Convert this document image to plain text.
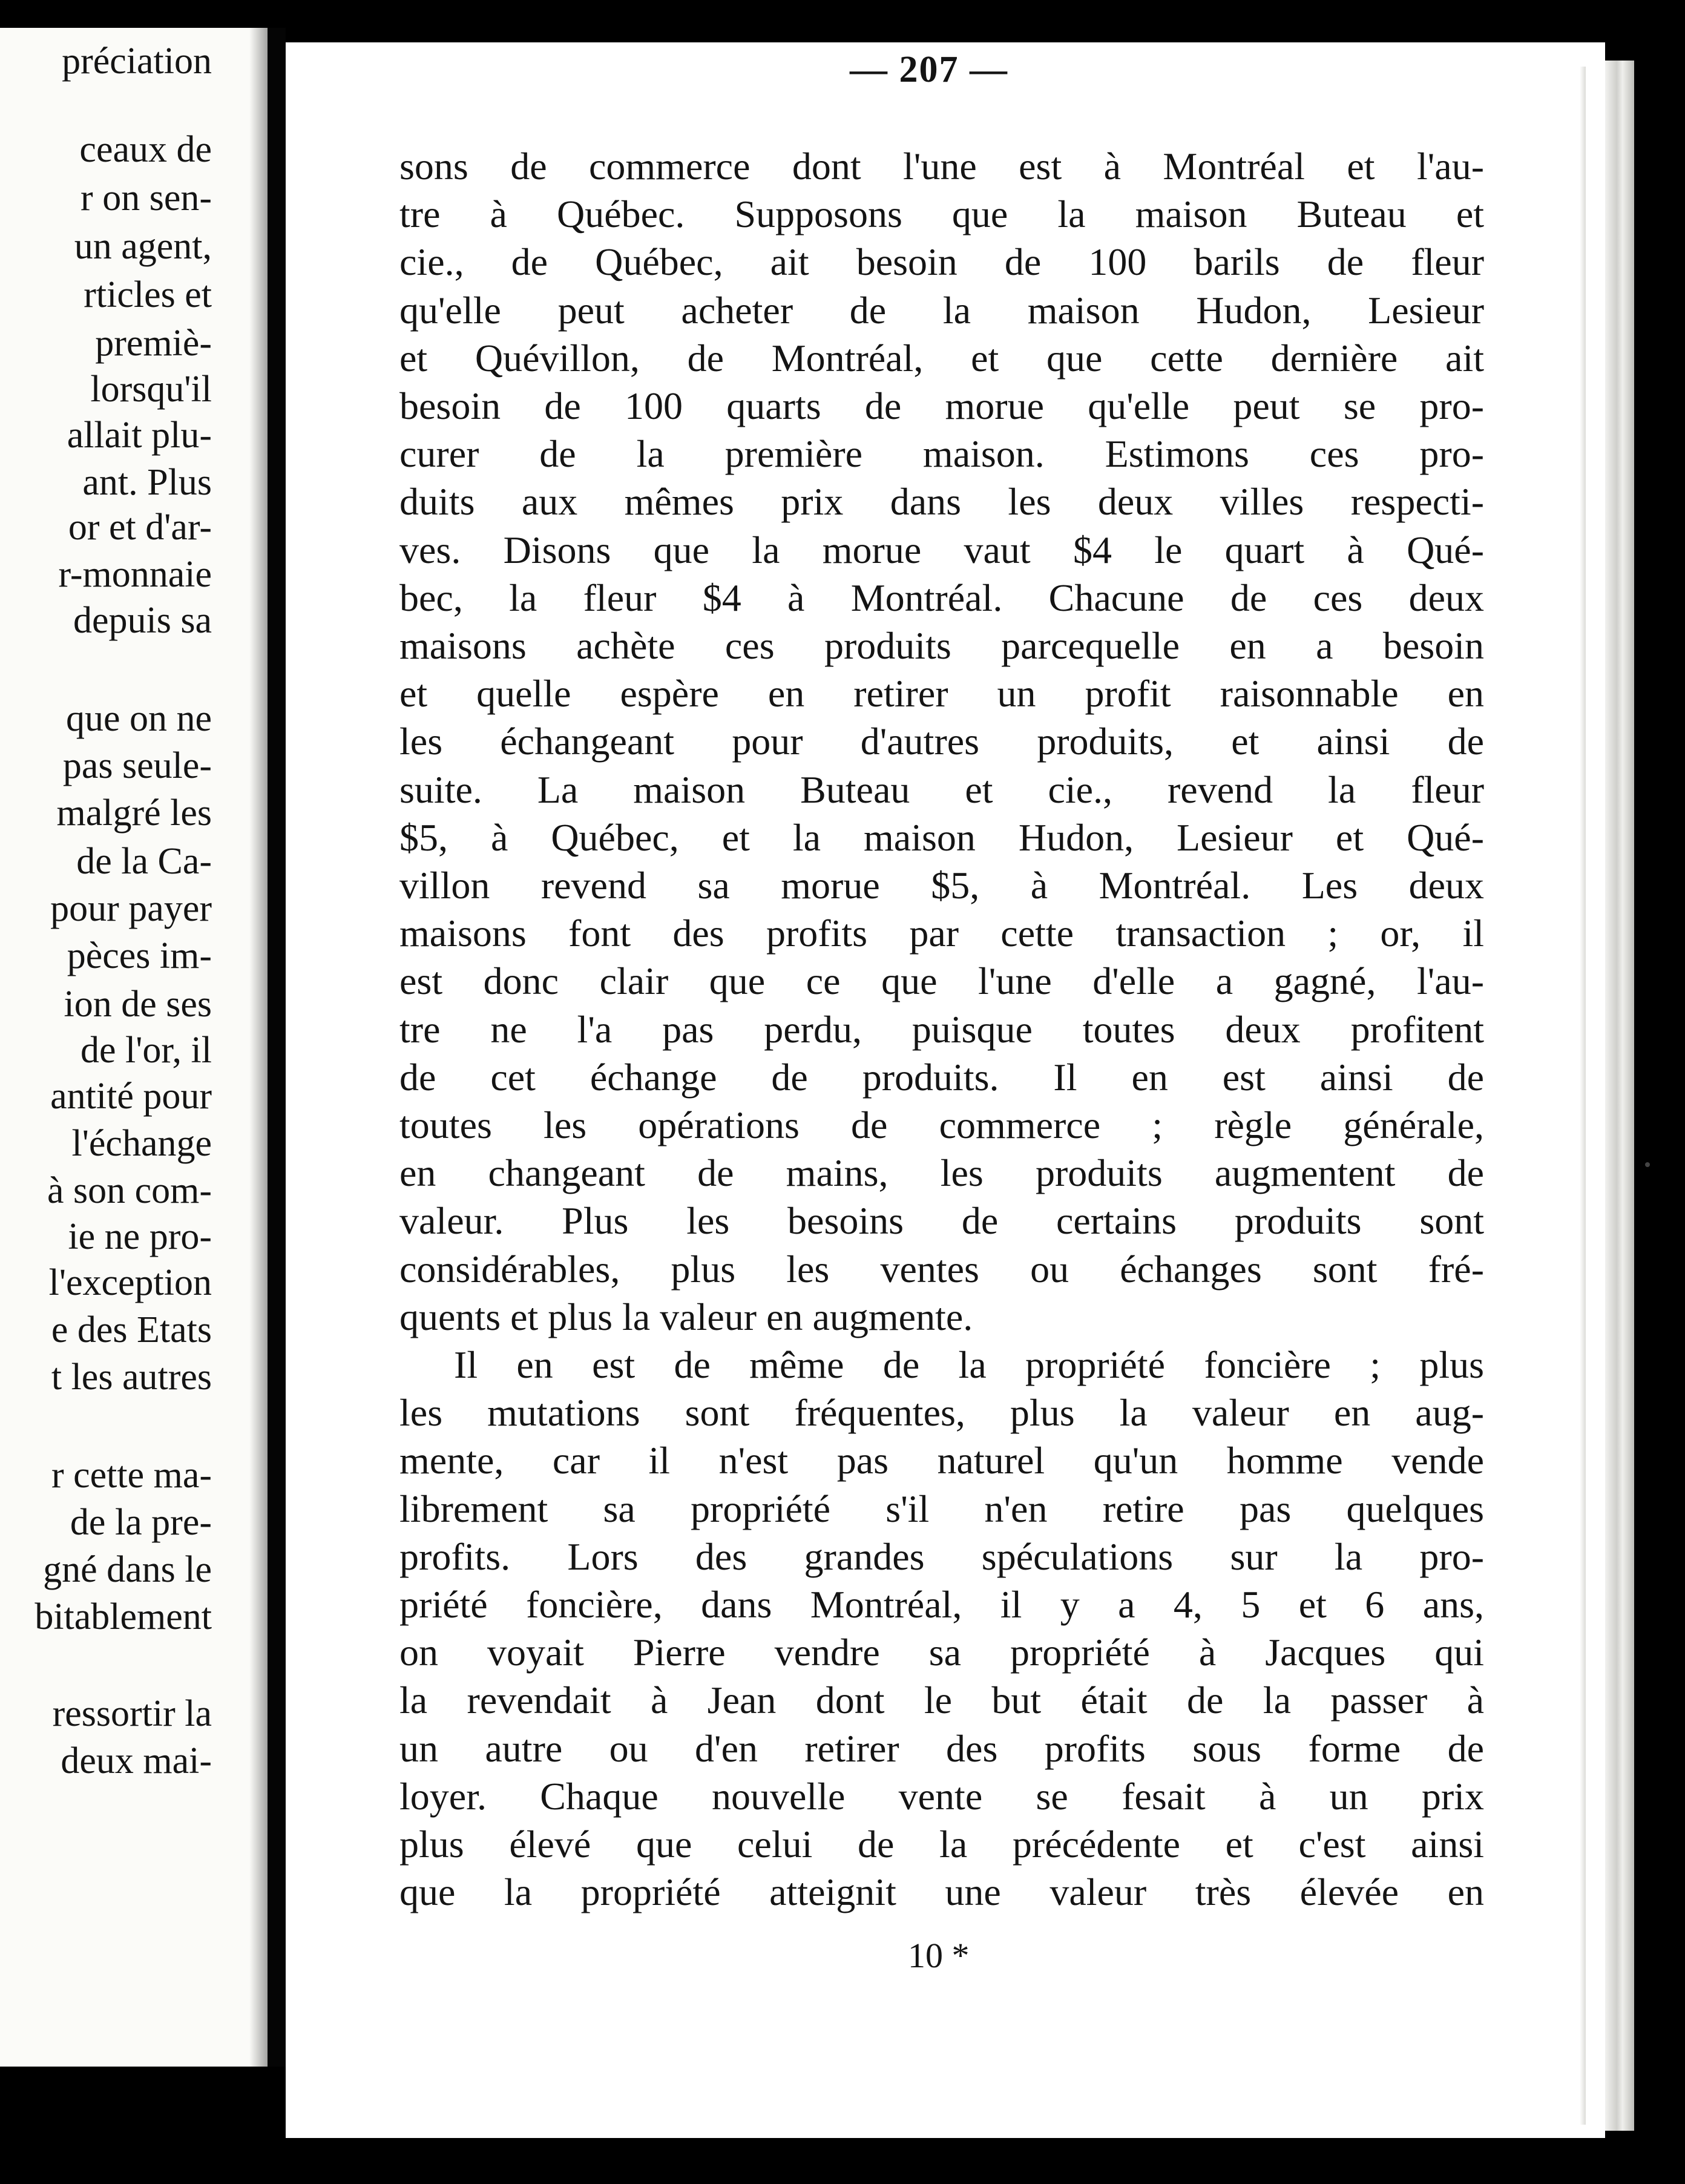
préciation
ceaux de
r on sen-
un agent,
rticles et
premiè-
lorsqu'il
allait plu-
ant. Plus
or et d'ar-
r-monnaie
depuis sa
que on ne
pas seule-
malgré les
de la Ca-
pour payer
pèces im-
ion de ses
de l'or, il
antité pour
l'échange
à son com-
ie ne pro-
l'exception
e des Etats
t les autres
r cette ma-
de la pre-
gné dans le
bitablement
ressortir la
deux mai-
— 207 —
sons de commerce dont l'une est à Montréal et l'au-
tre à Québec. Supposons que la maison Buteau et
cie., de Québec, ait besoin de 100 barils de fleur
qu'elle peut acheter de la maison Hudon, Lesieur
et Quévillon, de Montréal, et que cette dernière ait
besoin de 100 quarts de morue qu'elle peut se pro-
curer de la première maison. Estimons ces pro-
duits aux mêmes prix dans les deux villes respecti-
ves. Disons que la morue vaut $4 le quart à Qué-
bec, la fleur $4 à Montréal. Chacune de ces deux
maisons achète ces produits parcequelle en a besoin
et quelle espère en retirer un profit raisonnable en
les échangeant pour d'autres produits, et ainsi de
suite. La maison Buteau et cie., revend la fleur
$5, à Québec, et la maison Hudon, Lesieur et Qué-
villon revend sa morue $5, à Montréal. Les deux
maisons font des profits par cette transaction ; or, il
est donc clair que ce que l'une d'elle a gagné, l'au-
tre ne l'a pas perdu, puisque toutes deux profitent
de cet échange de produits. Il en est ainsi de
toutes les opérations de commerce ; règle générale,
en changeant de mains, les produits augmentent de
valeur. Plus les besoins de certains produits sont
considérables, plus les ventes ou échanges sont fré-
quents et plus la valeur en augmente.
Il en est de même de la propriété foncière ; plus
les mutations sont fréquentes, plus la valeur en aug-
mente, car il n'est pas naturel qu'un homme vende
librement sa propriété s'il n'en retire pas quelques
profits. Lors des grandes spéculations sur la pro-
priété foncière, dans Montréal, il y a 4, 5 et 6 ans,
on voyait Pierre vendre sa propriété à Jacques qui
la revendait à Jean dont le but était de la passer à
un autre ou d'en retirer des profits sous forme de
loyer. Chaque nouvelle vente se fesait à un prix
plus élevé que celui de la précédente et c'est ainsi
que la propriété atteignit une valeur très élevée en
10 *
